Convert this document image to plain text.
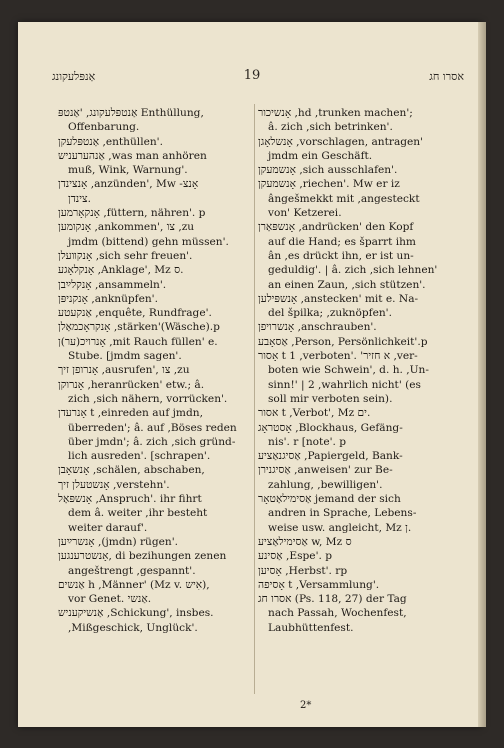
אַנפּלעקונג	19	אסרו חג
אַנטפּלעקונג, 'אַנטפּ Enthüllung,
Offenbarung.
אַנטפּלעקן ,enthüllen'.
אַנהערעניש ,was man anhören
muß, Wink, Warnung'.
אָנצינדן ,anzünden', Mw -אָנצ
צינדן.
אָנקאָרמען ,füttern, nähren'. p
אָנקומען ,ankommen', צו ,zu
jmdm (bittend) gehn müssen'.
אָנקװעלן ,sich sehr freuen'.
אָנקלאָגע ,Anklage', Mz ס.
אָנקלײַבן ,ansammeln'.
אָנקניפּן ,anknüpfen'.
אַנקעטע ,enquête, Rundfrage'.
אָנקראָכמאַלן ,stärken'(Wäsche).p
אָנרויכ(ער)ן ,mit Rauch füllen' e.
Stube. [jmdm sagen'.
אָנרופן זיך ,ausrufen', צו ,zu
אָנרוקן ,heranrücken' etw.; â.
zich ,sich nähern, vorrücken'.
אָנרעדן t ,einreden auf jmdn,
überreden'; â. auf ,Böses reden
über jmdn'; â. zich ,sich gründ-
lich ausreden'. [schrapen'.
אָנשאָבן ,schälen, abschaben,
אָנשטעלן זיך ,verstehn'.
אָנשפּאַל ,Anspruch'. ihr fihrt
dem â. weiter ,ihr besteht
weiter darauf'.
אָנשרײַען ,(jmdn) rügen'.
אָנשטרענגען, di bezihungen zenen
angeštrengt ,gespannt'.
אַנשים h ,Männer' (Mz v. אִיש),
vor Genet. אַנשי.
אַנשיקעניש ,Schickung', insbes.
,Mißgeschick, Unglück'.
אָנשיכור ,hd ,trunken machen';
â. zich ,sich betrinken'.
אָנשלאָגן ,vorschlagen, antragen'
jmdm ein Geschäft.
אָנשמעקן ,sich ausschlafen'.
אָנשמעקן ,riechen'. Mw er iz
ângešmekkt mit ,angesteckt
von' Ketzerei.
אָנשפּאַרן ,andrücken' den Kopf
auf die Hand; es šparrt ihm
ân ,es drückt ihn, er ist un-
geduldig'. | â. zich ,sich lehnen'
an einen Zaun, ,sich stützen'.
אָנשפּילען ,anstecken' mit e. Na-
del špilka; ,zuknöpfen'.
אָנשרויפן ,anschrauben'.
אַסאָבע ,Person, Persönlichkeit'.p
אָסור t 1 ,verboten'. 'א חזיר ,ver-
boten wie Schwein', d. h. ,Un-
sinn!' | 2 ,wahrlich nicht' (es
soll mir verboten sein).
אסור t ,Verbot', Mz ים.
אָסטראָג ,Blockhaus, Gefäng-
nis'. r [note'. p
אַסיגנאַציע ,Papiergeld, Bank-
אַסיגנירן ,anweisen' zur Be-
zahlung, ,bewilligen'.
אַסימילאַטאָר jemand der sich
andren in Sprache, Lebens-
weise usw. angleicht, Mz ן.
אַסימילאַציע w, Mz ס
אַסינע ,Espe'. p
אָסיען ,Herbst'. rp
אָסיפה t ,Versammlung'.
אסרו חג (Ps. 118, 27) der Tag
nach Passah, Wochenfest,
Laubhüttenfest.
2*
